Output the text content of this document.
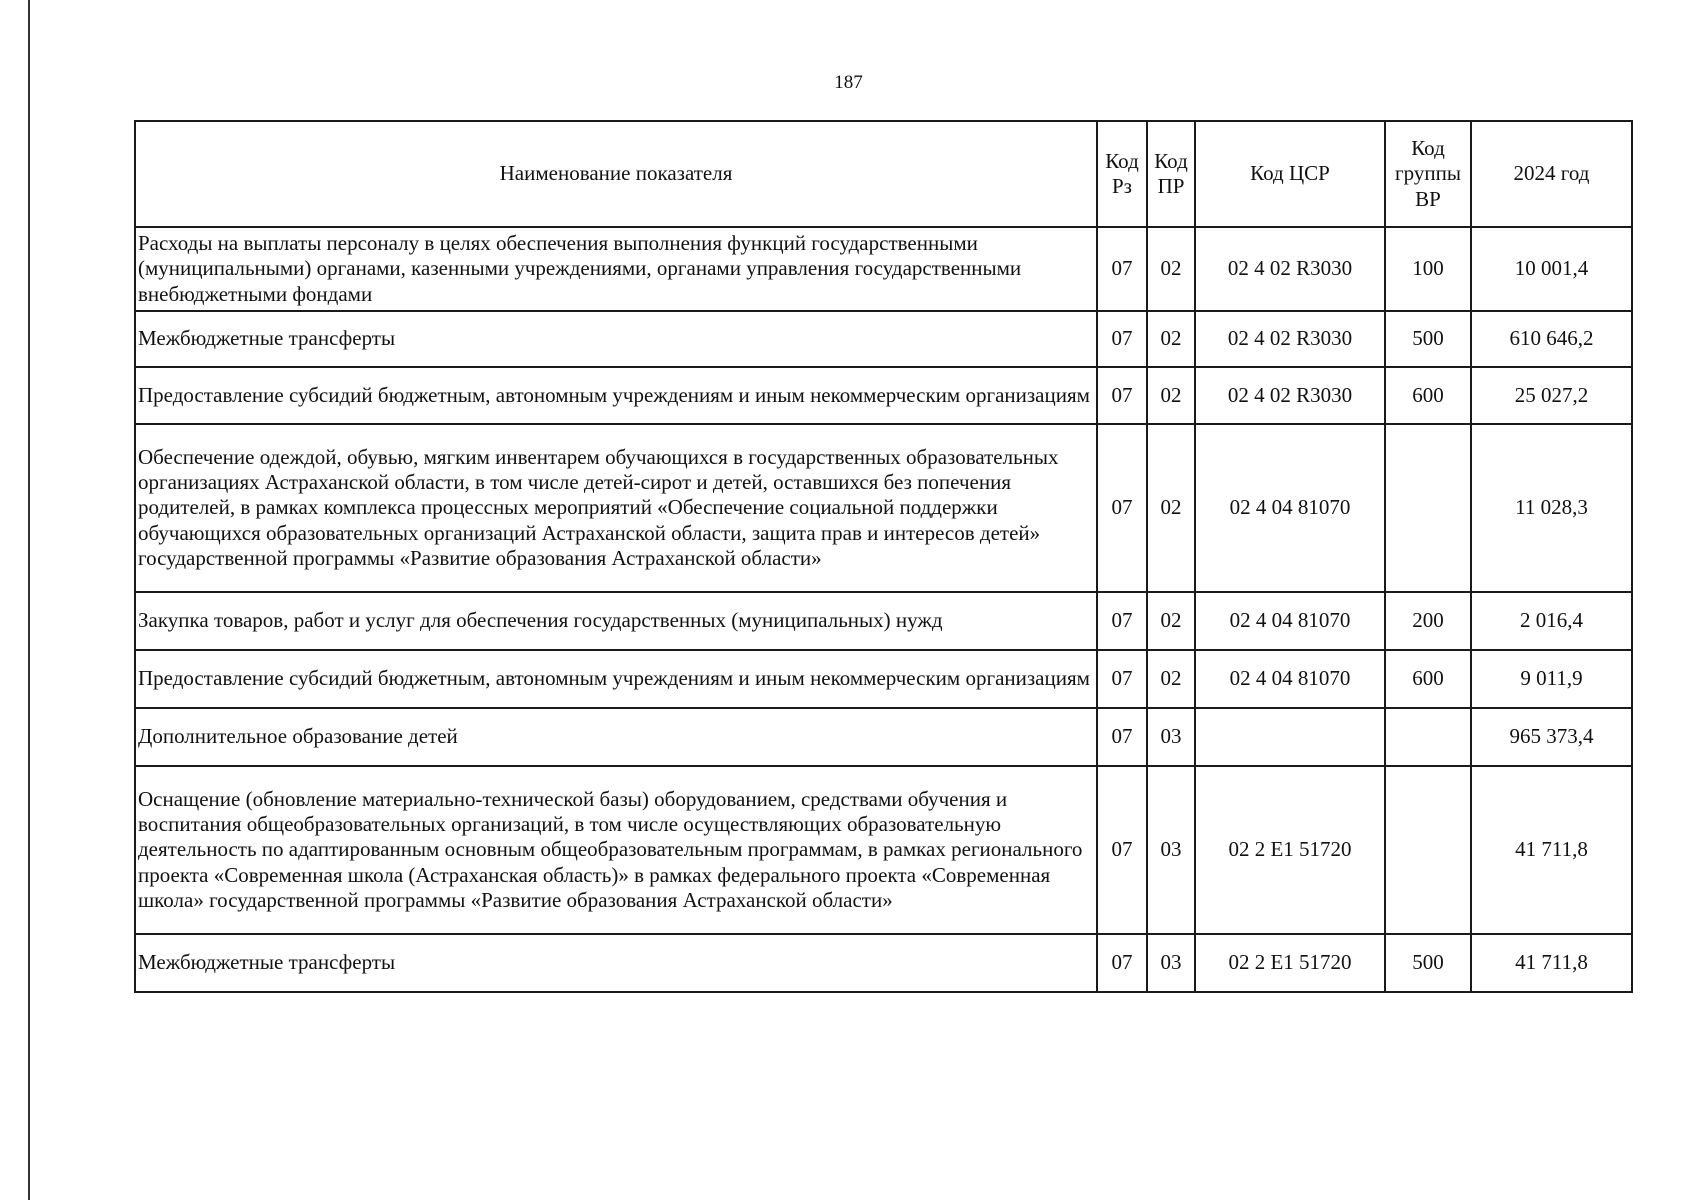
187
Наименование показателя	Код Рз	Код ПР	Код ЦСР	Код группы ВР	2024 год
Расходы на выплаты персоналу в целях обеспечения выполнения функций государственными (муниципальными) органами, казенными учреждениями, органами управления государственными внебюджетными фондами	07	02	02 4 02 R3030	100	10 001,4
Межбюджетные трансферты	07	02	02 4 02 R3030	500	610 646,2
Предоставление субсидий бюджетным, автономным учреждениям и иным некоммерческим организациям	07	02	02 4 02 R3030	600	25 027,2
Обеспечение одеждой, обувью, мягким инвентарем обучающихся в государственных образовательных организациях Астраханской области, в том числе детей-сирот и детей, оставшихся без попечения родителей, в рамках комплекса процессных мероприятий «Обеспечение социальной поддержки обучающихся образовательных организаций Астраханской области, защита прав и интересов детей» государственной программы «Развитие образования Астраханской области»	07	02	02 4 04 81070		11 028,3
Закупка товаров, работ и услуг для обеспечения государственных (муниципальных) нужд	07	02	02 4 04 81070	200	2 016,4
Предоставление субсидий бюджетным, автономным учреждениям и иным некоммерческим организациям	07	02	02 4 04 81070	600	9 011,9
Дополнительное образование детей	07	03			965 373,4
Оснащение (обновление материально-технической базы) оборудованием, средствами обучения и воспитания общеобразовательных организаций, в том числе осуществляющих образовательную деятельность по адаптированным основным общеобразовательным программам, в рамках регионального проекта «Современная школа (Астраханская область)» в рамках федерального проекта «Современная школа» государственной программы «Развитие образования Астраханской области»	07	03	02 2 E1 51720		41 711,8
Межбюджетные трансферты	07	03	02 2 E1 51720	500	41 711,8
